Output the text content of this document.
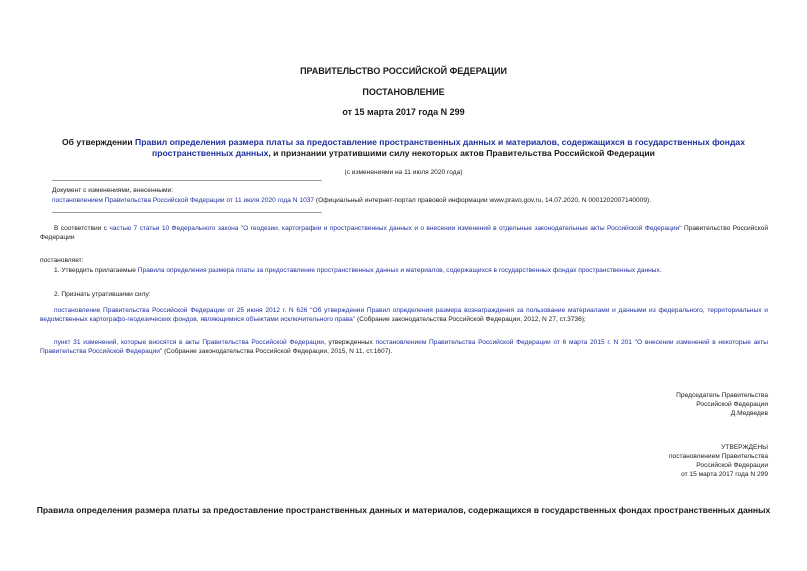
ПРАВИТЕЛЬСТВО РОССИЙСКОЙ ФЕДЕРАЦИИ
ПОСТАНОВЛЕНИЕ
от 15 марта 2017 года N 299
Об утверждении Правил определения размера платы за предоставление пространственных данных и материалов, содержащихся в государственных фондах пространственных данных, и признании утратившими силу некоторых актов Правительства Российской Федерации
(с изменениями на 11 июля 2020 года)
Документ с изменениями, внесенными:
постановлением Правительства Российской Федерации от 11 июля 2020 года N 1037 (Официальный интернет-портал правовой информации www.pravo.gov.ru, 14.07.2020, N 0001202007140009).
В соответствии с частью 7 статьи 10 Федерального закона "О геодезии, картографии и пространственных данных и о внесении изменений в отдельные законодательные акты Российской Федерации" Правительство Российской Федерации
постановляет:
1. Утвердить прилагаемые Правила определения размера платы за предоставление пространственных данных и материалов, содержащихся в государственных фондах пространственных данных.
2. Признать утратившими силу:
постановление Правительства Российской Федерации от 25 июня 2012 г. N 626 "Об утверждении Правил определения размера вознаграждения за пользование материалами и данными из федерального, территориальных и ведомственных картографо-геодезических фондов, являющимися объектами исключительного права" (Собрание законодательства Российской Федерации, 2012, N 27, ст.3736);
пункт 31 изменений, которые вносятся в акты Правительства Российской Федерации, утвержденных постановлением Правительства Российской Федерации от 6 марта 2015 г. N 201 "О внесении изменений в некоторые акты Правительства Российской Федерации" (Собрание законодательства Российской Федерации, 2015, N 11, ст.1607).
Председатель Правительства
Российской Федерации
Д.Медведев
УТВЕРЖДЕНЫ
постановлением Правительства
Российской Федерации
от 15 марта 2017 года N 299
Правила определения размера платы за предоставление пространственных данных и материалов, содержащихся в государственных фондах пространственных данных
